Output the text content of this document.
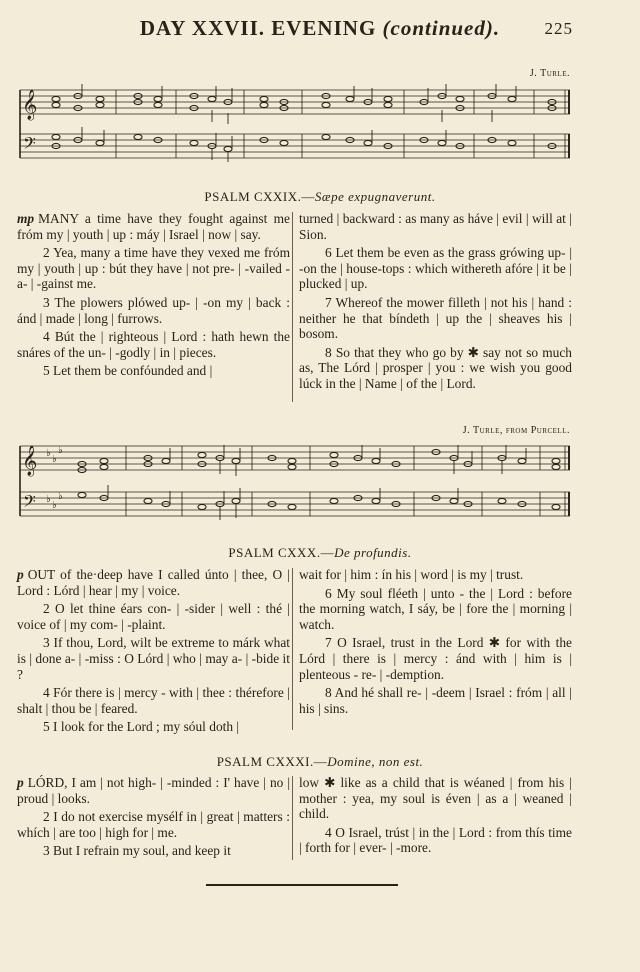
DAY XXVII. EVENING (continued).	225
J. Turle.
𝄞
𝄢
PSALM CXXIX.—Sæpe expugnaverunt.

mp MANY a time have they fought against me fróm my | youth | up : máy | Israel | now | say.

2 Yea, many a time have they vexed me fróm my | youth | up : bút they have | not pre- | -vailed - a- | -gainst me.

3 The plowers plówed up- | -on my | back : ánd | made | long | furrows.

4 Bút the | righteous | Lord : hath hewn the snáres of the un- | -godly | in | pieces.

5 Let them be confóunded and |

turned | backward : as many as háve | evil | will at | Sion.

6 Let them be even as the grass grówing up- | -on the | house-tops : which withereth afóre | it be | plucked | up.

7 Whereof the mower filleth | not his | hand : neither he that bíndeth | up the | sheaves his | bosom.

8 So that they who go by ✱ say not so much as, The Lórd | prosper | you : we wish you good lúck in the | Name | of the | Lord.

J. Turle, from Purcell.
𝄞
𝄢
♭
♭
♭
♭
♭
♭
PSALM CXXX.—De profundis.

p OUT of the·deep have I called únto | thee, O | Lord : Lórd | hear | my | voice.

2 O let thine éars con- | -sider | well : thé | voice of | my com- | -plaint.

3 If thou, Lord, wilt be extreme to márk what is | done a- | -miss : O Lórd | who | may a- | -bide it ?

4 Fór there is | mercy - with | thee : thérefore | shalt | thou be | feared.

5 I look for the Lord ; my sóul doth |

wait for | him : ín his | word | is my | trust.

6 My soul fléeth | unto - the | Lord : before the morning watch, I sáy, be | fore the | morning | watch.

7 O Israel, trust in the Lord ✱ for with the Lórd | there is | mercy : ánd with | him is | plenteous - re- | -demption.

8 And hé shall re- | -deem | Israel : fróm | all | his | sins.

PSALM CXXXI.—Domine, non est.

p LÓRD, I am | not high- | -minded : I' have | no | proud | looks.

2 I do not exercise mysélf in | great | matters : whích | are too | high for | me.

3 But I refrain my soul, and keep it

low ✱ like as a child that is wéaned | from his | mother : yea, my soul is éven | as a | weaned | child.

4 O Israel, trúst | in the | Lord : from thís time | forth for | ever- | -more.
